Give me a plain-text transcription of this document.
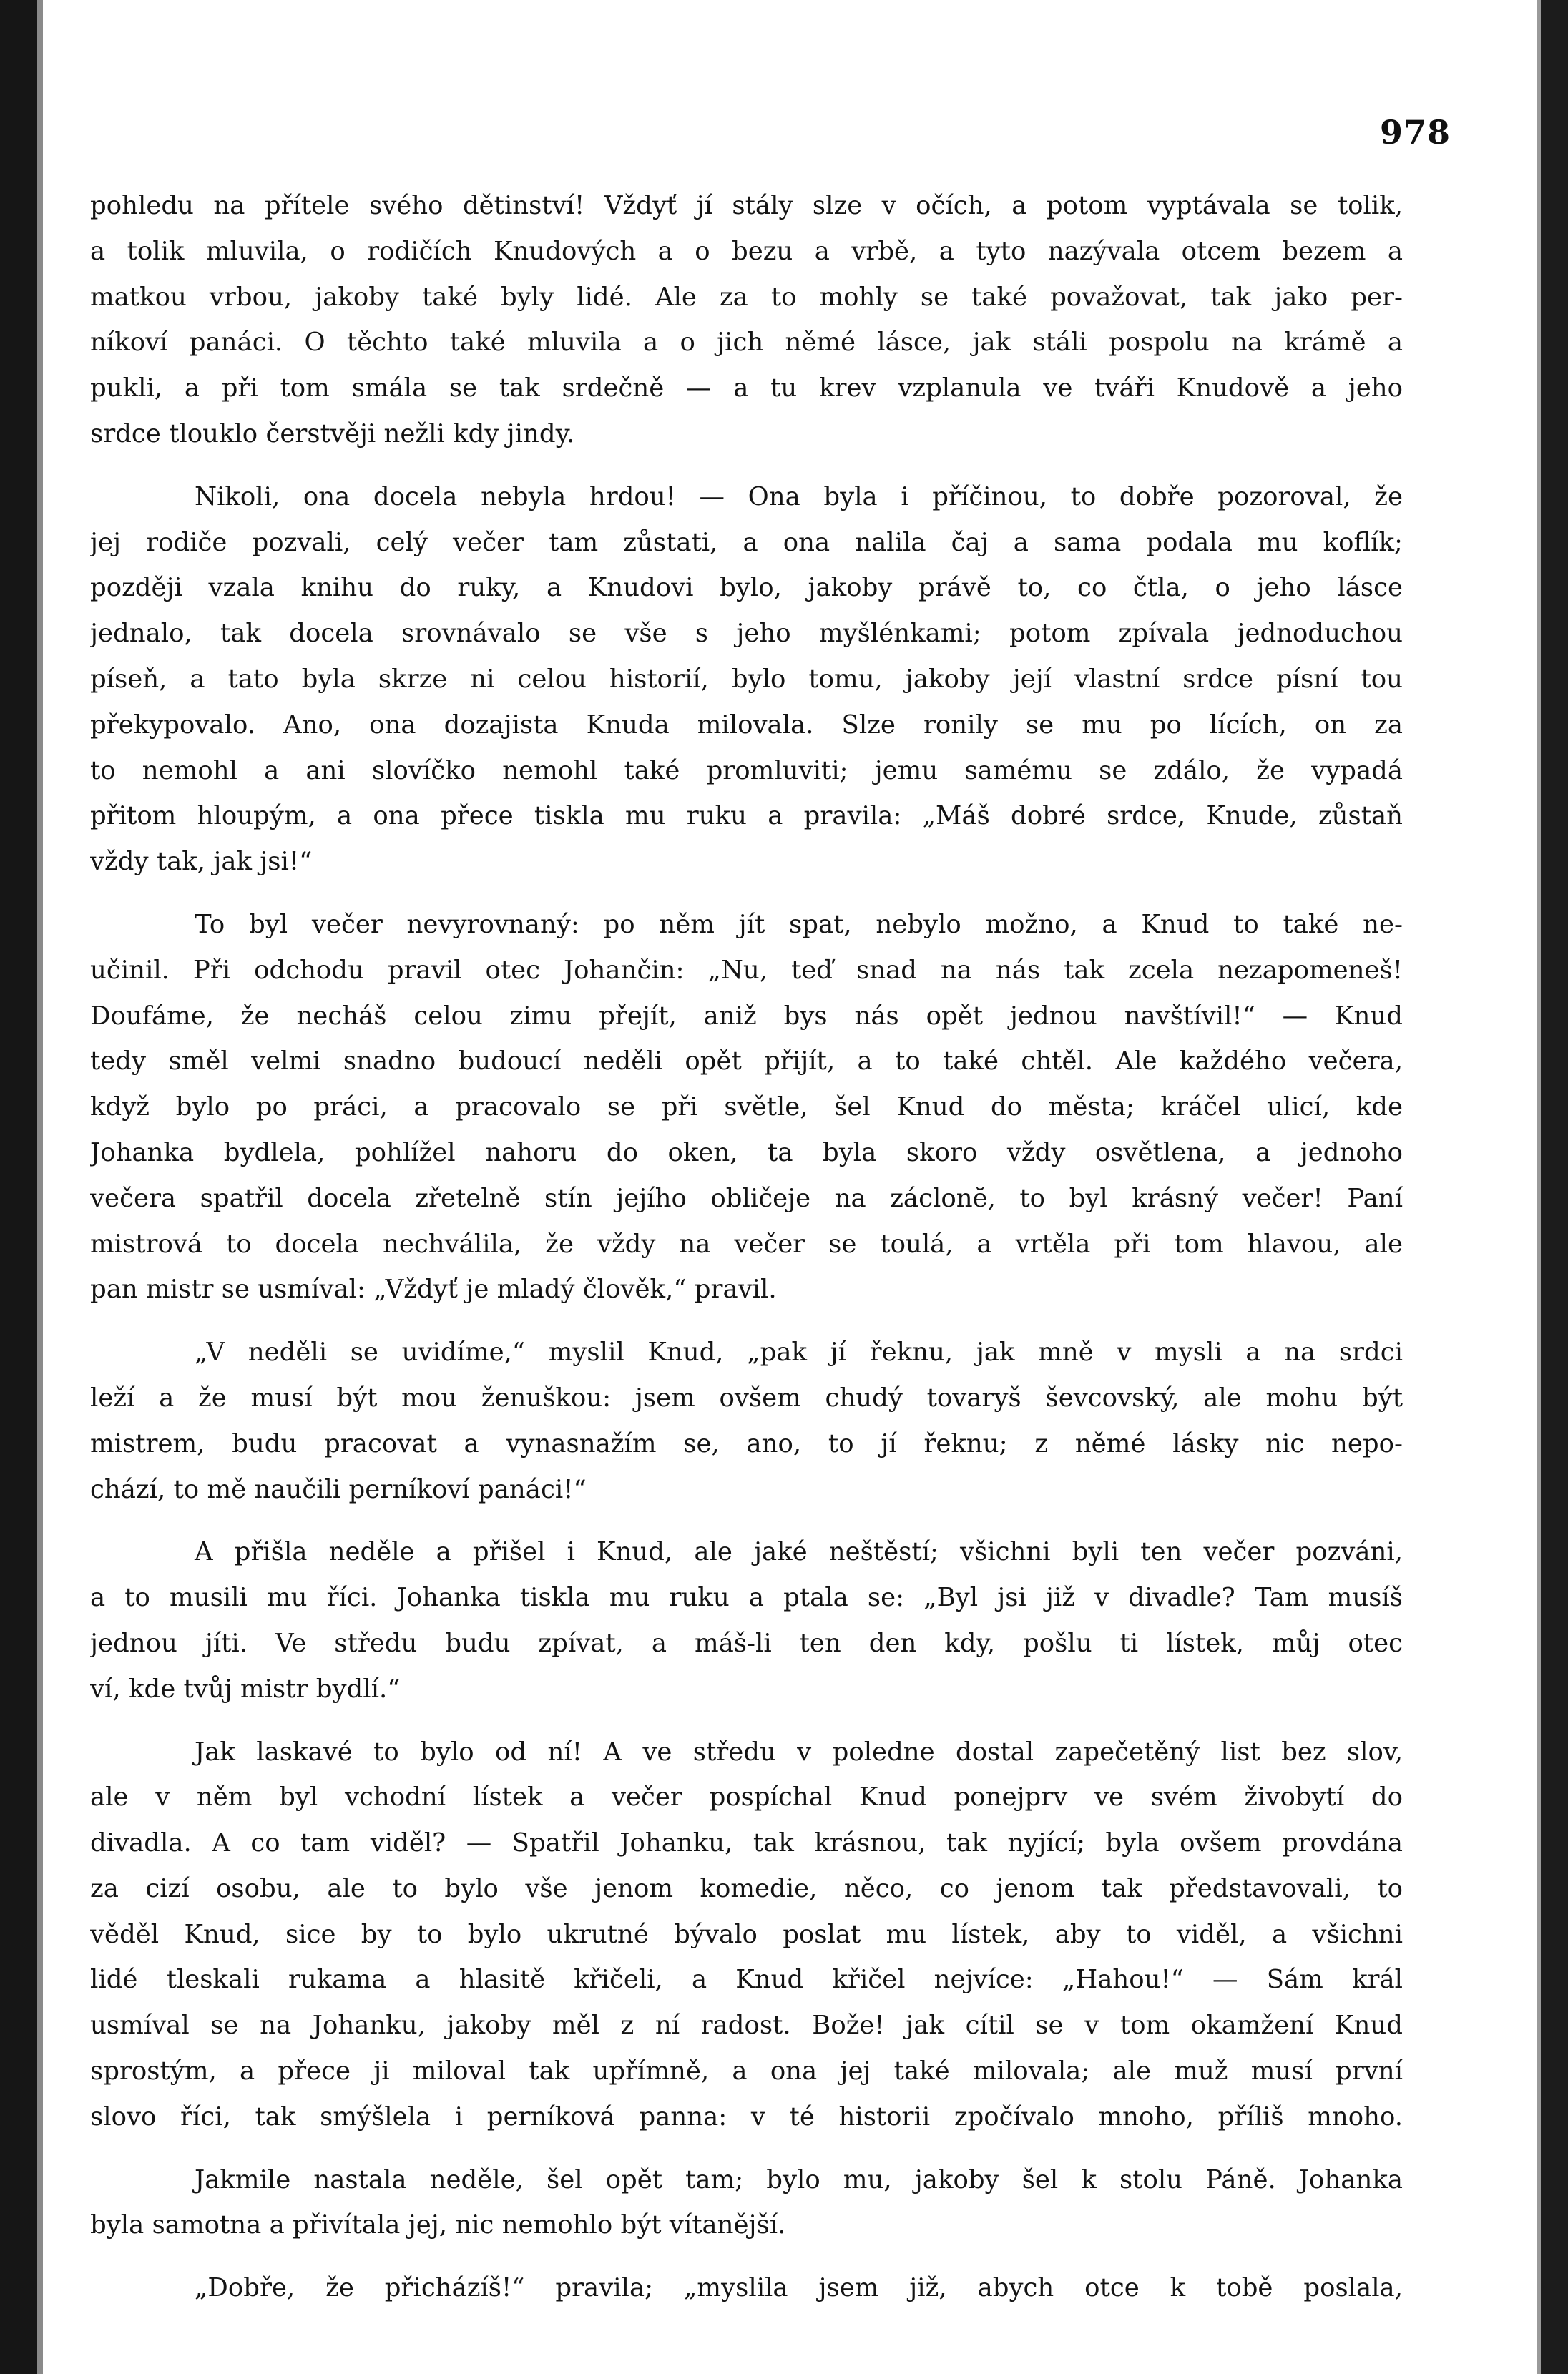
978
pohledu na přítele svého dětinství! Vždyť jí stály slze v očích, a potom vyptávala se tolik,
a tolik mluvila, o rodičích Knudových a o bezu a vrbě, a tyto nazývala otcem bezem a
matkou vrbou, jakoby také byly lidé. Ale za to mohly se také považovat, tak jako per-
níkoví panáci. O těchto také mluvila a o jich němé lásce, jak stáli pospolu na krámě a
pukli, a při tom smála se tak srdečně — a tu krev vzplanula ve tváři Knudově a jeho
srdce tlouklo čerstvěji nežli kdy jindy.
Nikoli, ona docela nebyla hrdou! — Ona byla i příčinou, to dobře pozoroval, že
jej rodiče pozvali, celý večer tam zůstati, a ona nalila čaj a sama podala mu koflík;
později vzala knihu do ruky, a Knudovi bylo, jakoby právě to, co čtla, o jeho lásce
jednalo, tak docela srovnávalo se vše s jeho myšlénkami; potom zpívala jednoduchou
píseň, a tato byla skrze ni celou historií, bylo tomu, jakoby její vlastní srdce písní tou
překypovalo. Ano, ona dozajista Knuda milovala. Slze ronily se mu po lících, on za
to nemohl a ani slovíčko nemohl také promluviti; jemu samému se zdálo, že vypadá
přitom hloupým, a ona přece tiskla mu ruku a pravila: „Máš dobré srdce, Knude, zůstaň
vždy tak, jak jsi!“
To byl večer nevyrovnaný: po něm jít spat, nebylo možno, a Knud to také ne-
učinil. Při odchodu pravil otec Johančin: „Nu, teď snad na nás tak zcela nezapomeneš!
Doufáme, že necháš celou zimu přejít, aniž bys nás opět jednou navštívil!“ — Knud
tedy směl velmi snadno budoucí neděli opět přijít, a to také chtěl. Ale každého večera,
když bylo po práci, a pracovalo se při světle, šel Knud do města; kráčel ulicí, kde
Johanka bydlela, pohlížel nahoru do oken, ta byla skoro vždy osvětlena, a jednoho
večera spatřil docela zřetelně stín jejího obličeje na záclonĕ, to byl krásný večer! Paní
mistrová to docela nechválila, že vždy na večer se toulá, a vrtěla při tom hlavou, ale
pan mistr se usmíval: „Vždyť je mladý člověk,“ pravil.
„V neděli se uvidíme,“ myslil Knud, „pak jí řeknu, jak mně v mysli a na srdci
leží a že musí být mou ženuškou: jsem ovšem chudý tovaryš ševcovský, ale mohu být
mistrem, budu pracovat a vynasnažím se, ano, to jí řeknu; z němé lásky nic nepo-
chází, to mě naučili perníkoví panáci!“
A přišla neděle a přišel i Knud, ale jaké neštěstí; všichni byli ten večer pozváni,
a to musili mu říci. Johanka tiskla mu ruku a ptala se: „Byl jsi již v divadle? Tam musíš
jednou jíti. Ve středu budu zpívat, a máš-li ten den kdy, pošlu ti lístek, můj otec
ví, kde tvůj mistr bydlí.“
Jak laskavé to bylo od ní! A ve středu v poledne dostal zapečetěný list bez slov,
ale v něm byl vchodní lístek a večer pospíchal Knud ponejprv ve svém živobytí do
divadla. A co tam viděl? — Spatřil Johanku, tak krásnou, tak nyjící; byla ovšem provdána
za cizí osobu, ale to bylo vše jenom komedie, něco, co jenom tak představovali, to
věděl Knud, sice by to bylo ukrutné bývalo poslat mu lístek, aby to viděl, a všichni
lidé tleskali rukama a hlasitě křičeli, a Knud křičel nejvíce: „Hahou!“ — Sám král
usmíval se na Johanku, jakoby měl z ní radost. Bože! jak cítil se v tom okamžení Knud
sprostým, a přece ji miloval tak upřímně, a ona jej také milovala; ale muž musí první
slovo říci, tak smýšlela i perníková panna: v té historii zpočívalo mnoho, příliš mnoho.
Jakmile nastala neděle, šel opět tam; bylo mu, jakoby šel k stolu Páně. Johanka
byla samotna a přivítala jej, nic nemohlo být vítanější.
„Dobře, že přicházíš!“ pravila; „myslila jsem již, abych otce k tobě poslala,
